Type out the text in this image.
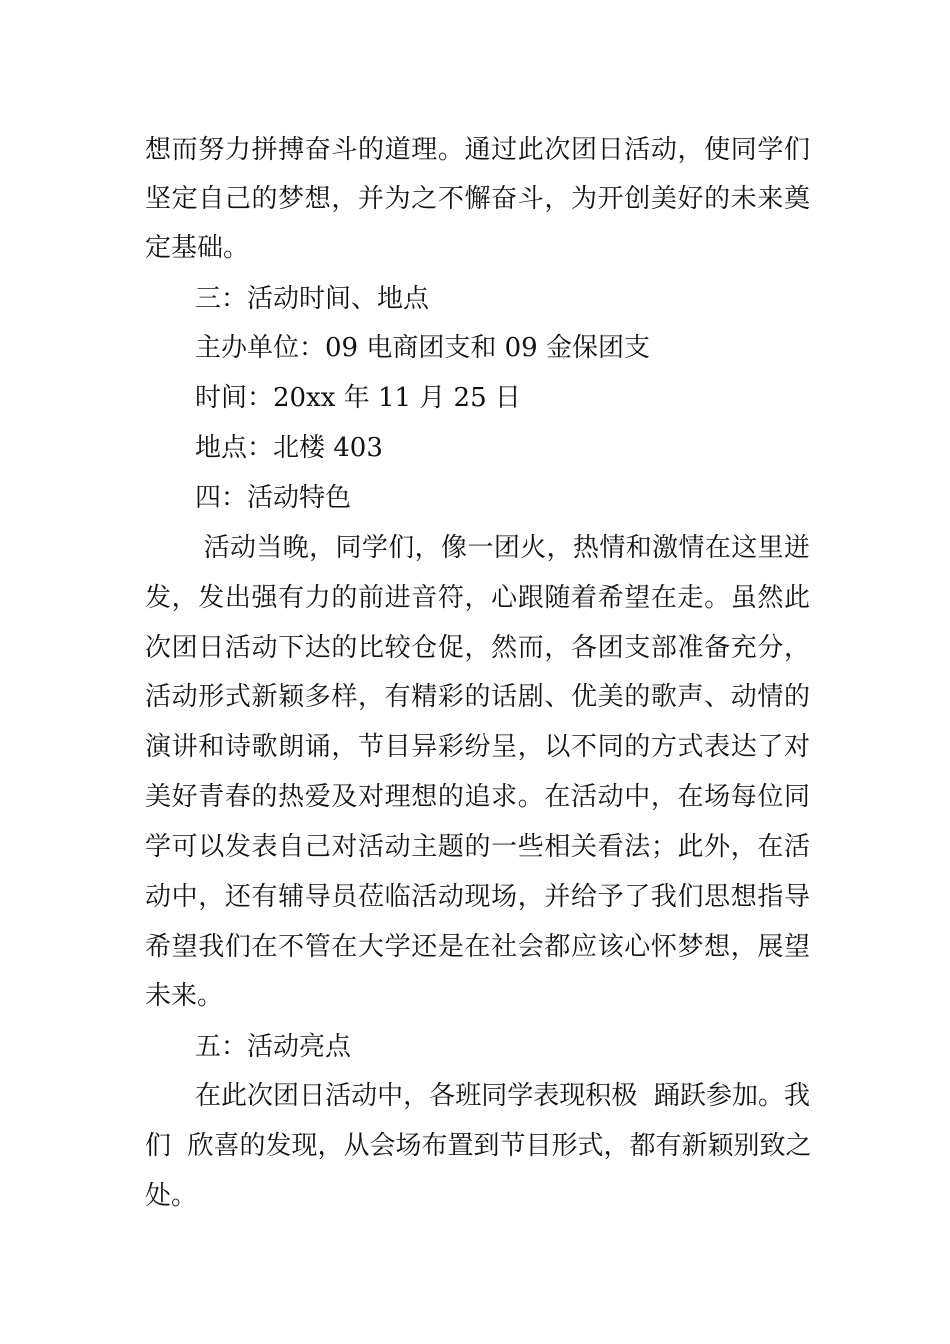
想而努力拼搏奋斗的道理。通过此次团日活动，使同学们
坚定自己的梦想，并为之不懈奋斗，为开创美好的未来奠
定基础。
三：活动时间、地点
主办单位：09 电商团支和 09 金保团支
时间：20xx 年 11 月 25 日
地点：北楼 403
四：活动特色
活动当晚，同学们，像一团火，热情和激情在这里迸
发，发出强有力的前进音符，心跟随着希望在走。虽然此
次团日活动下达的比较仓促，然而，各团支部准备充分，
活动形式新颖多样，有精彩的话剧、优美的歌声、动情的
演讲和诗歌朗诵，节目异彩纷呈，以不同的方式表达了对
美好青春的热爱及对理想的追求。在活动中，在场每位同
学可以发表自己对活动主题的一些相关看法；此外，在活
动中，还有辅导员莅临活动现场，并给予了我们思想指导
希望我们在不管在大学还是在社会都应该心怀梦想，展望
未来。
五：活动亮点
在此次团日活动中，各班同学表现积极  踊跃参加。我
们  欣喜的发现，从会场布置到节目形式，都有新颖别致之
处。
